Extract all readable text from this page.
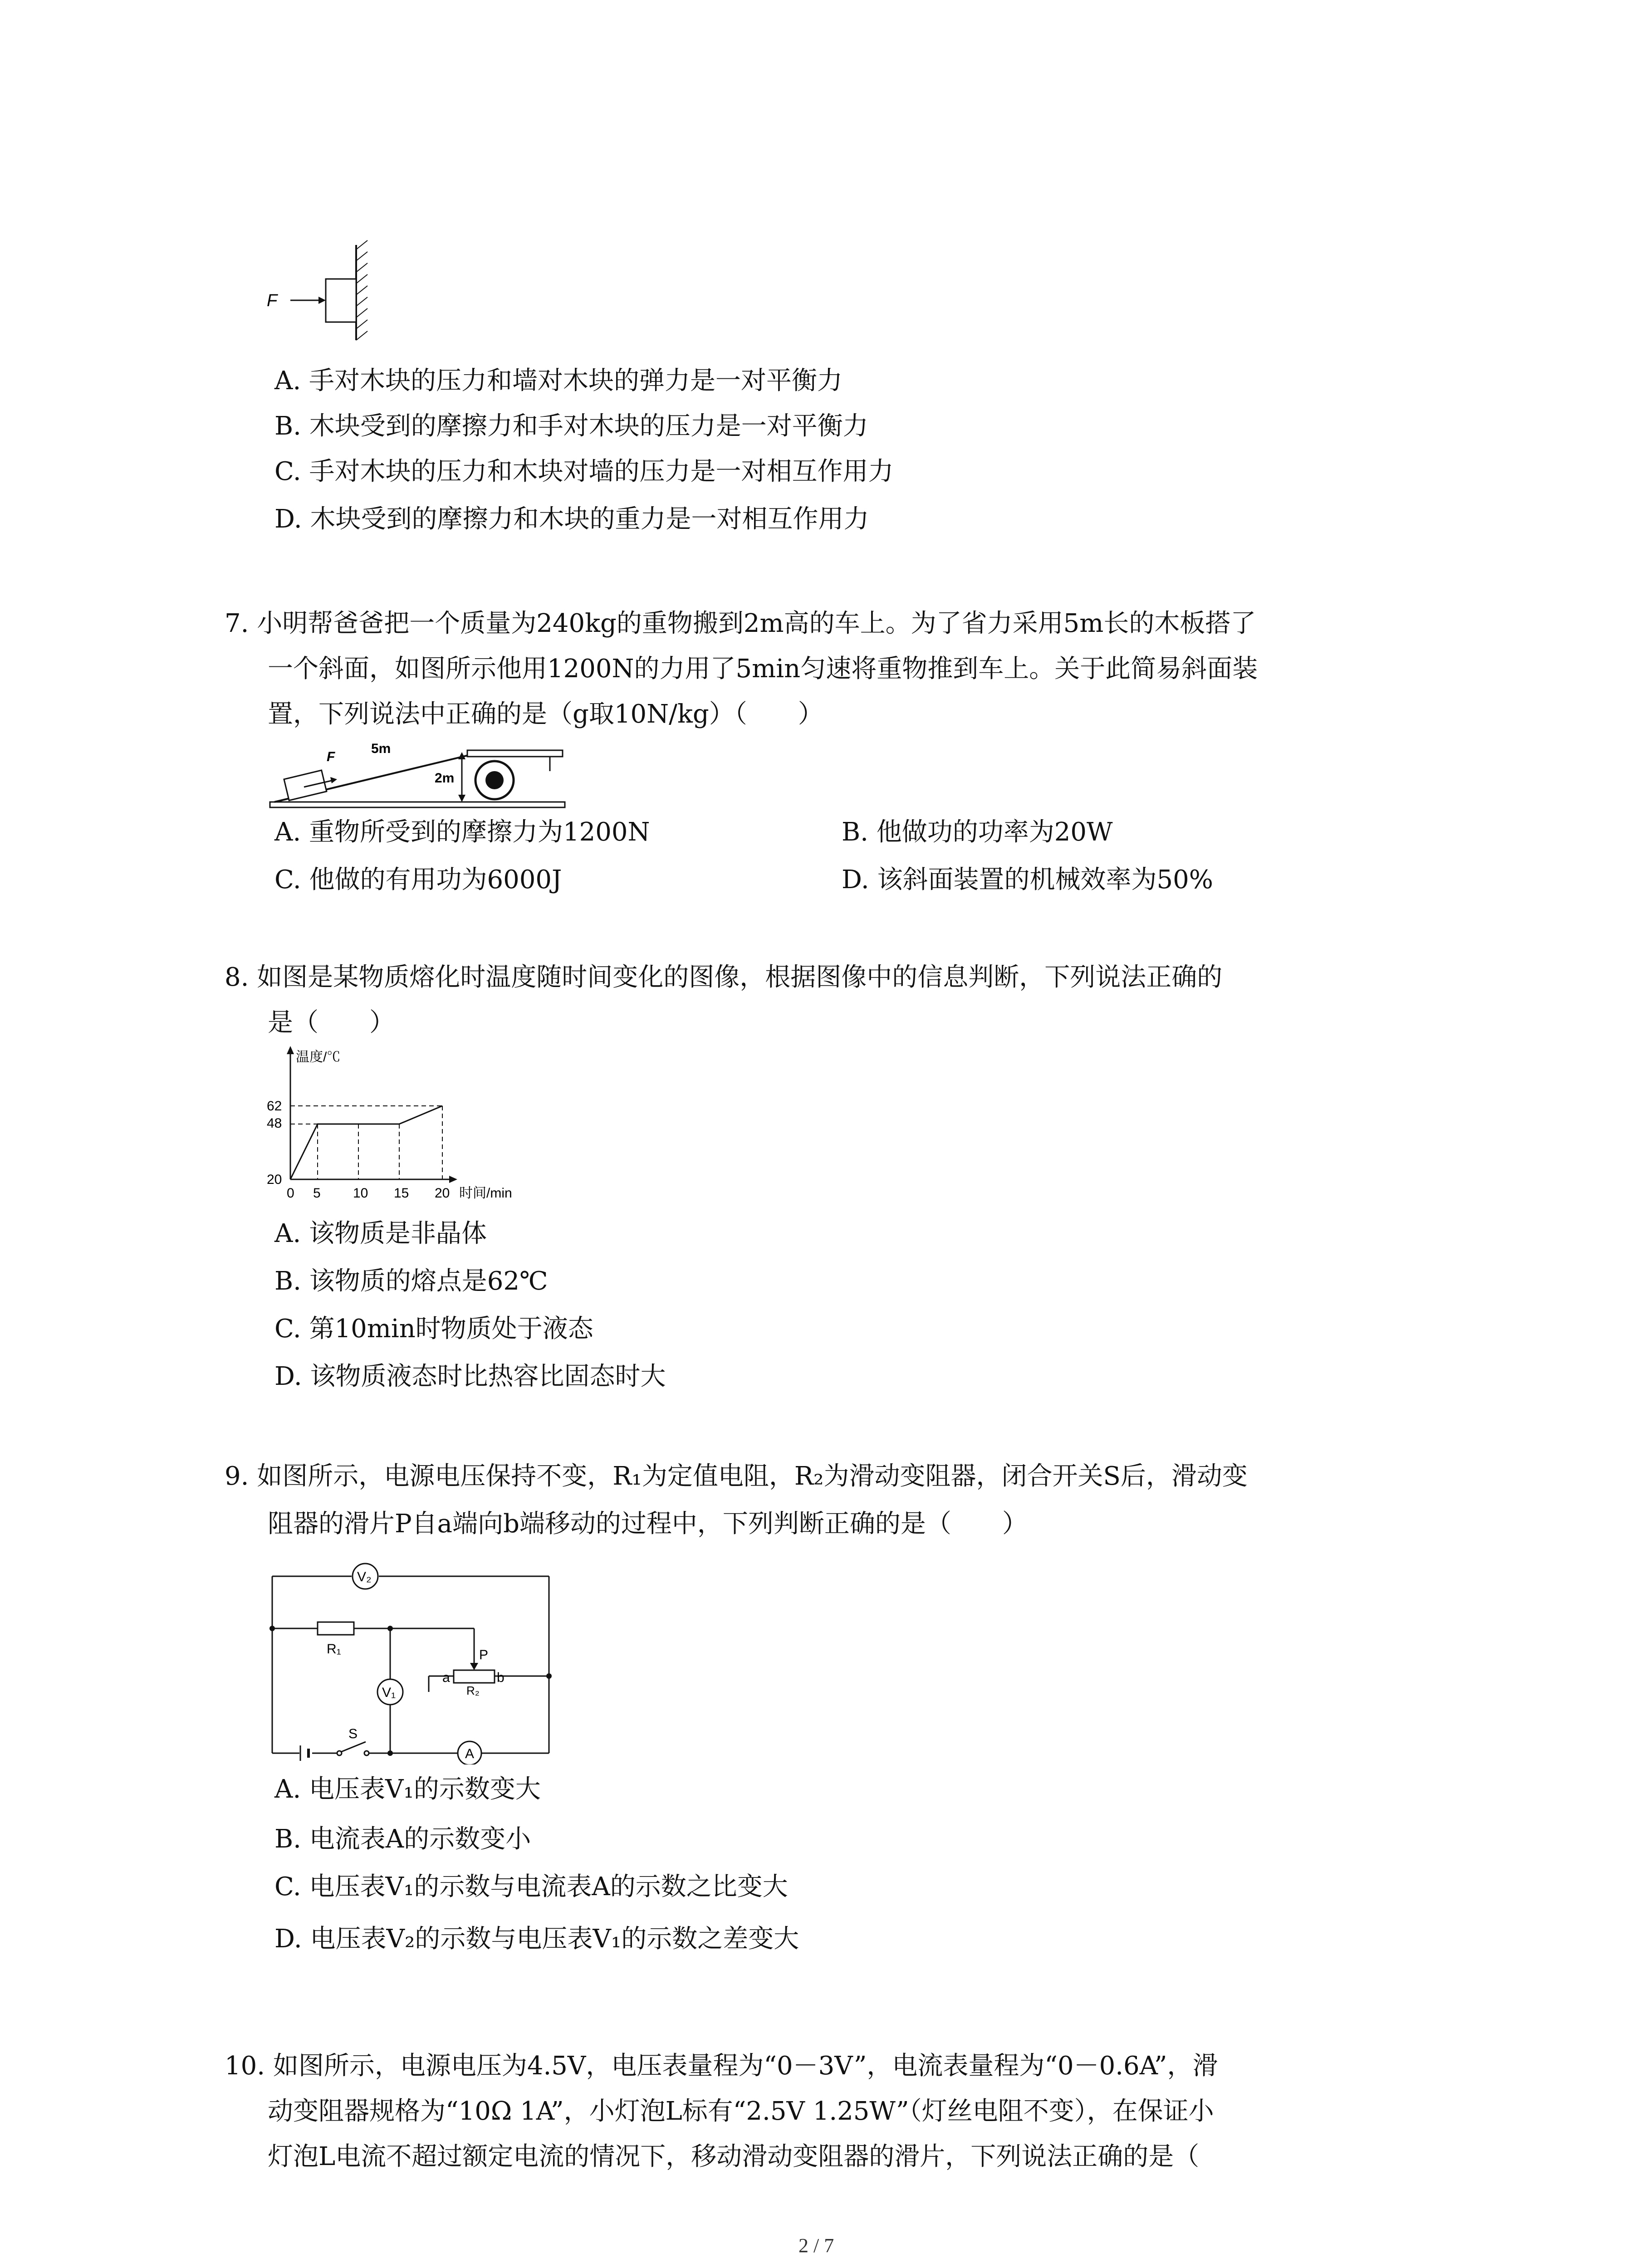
F
A. 手对木块的压力和墙对木块的弹力是一对平衡力
B. 木块受到的摩擦力和手对木块的压力是一对平衡力
C. 手对木块的压力和木块对墙的压力是一对相互作用力
D. 木块受到的摩擦力和木块的重力是一对相互作用力
7. 小明帮爸爸把一个质量为240kg的重物搬到2m高的车上。为了省力采用5m长的木板搭了
一个斜面，如图所示他用1200N的力用了5min匀速将重物推到车上。关于此简易斜面装
置，下列说法中正确的是（g取10N/kg）（　　）
F
5m
2m
A. 重物所受到的摩擦力为1200N	B. 他做功的功率为20W
C. 他做的有用功为6000J	D. 该斜面装置的机械效率为50%
8. 如图是某物质熔化时温度随时间变化的图像，根据图像中的信息判断，下列说法正确的
是（　　）
温度/℃
时间/min
62
48
20
0 5 10 15 20
A. 该物质是非晶体
B. 该物质的熔点是62℃
C. 第10min时物质处于液态
D. 该物质液态时比热容比固态时大
9. 如图所示，电源电压保持不变，R₁为定值电阻，R₂为滑动变阻器，闭合开关S后，滑动变
阻器的滑片P自a端向b端移动的过程中，下列判断正确的是（　　）
V₂
R₁
V₁
P
a	b
R₂
S
A
A. 电压表V₁的示数变大
B. 电流表A的示数变小
C. 电压表V₁的示数与电流表A的示数之比变大
D. 电压表V₂的示数与电压表V₁的示数之差变大
10. 如图所示，电源电压为4.5V，电压表量程为“0－3V”，电流表量程为“0－0.6A”，滑
动变阻器规格为“10Ω 1A”，小灯泡L标有“2.5V 1.25W”（灯丝电阻不变），在保证小
灯泡L电流不超过额定电流的情况下，移动滑动变阻器的滑片，下列说法正确的是（
2 / 7
